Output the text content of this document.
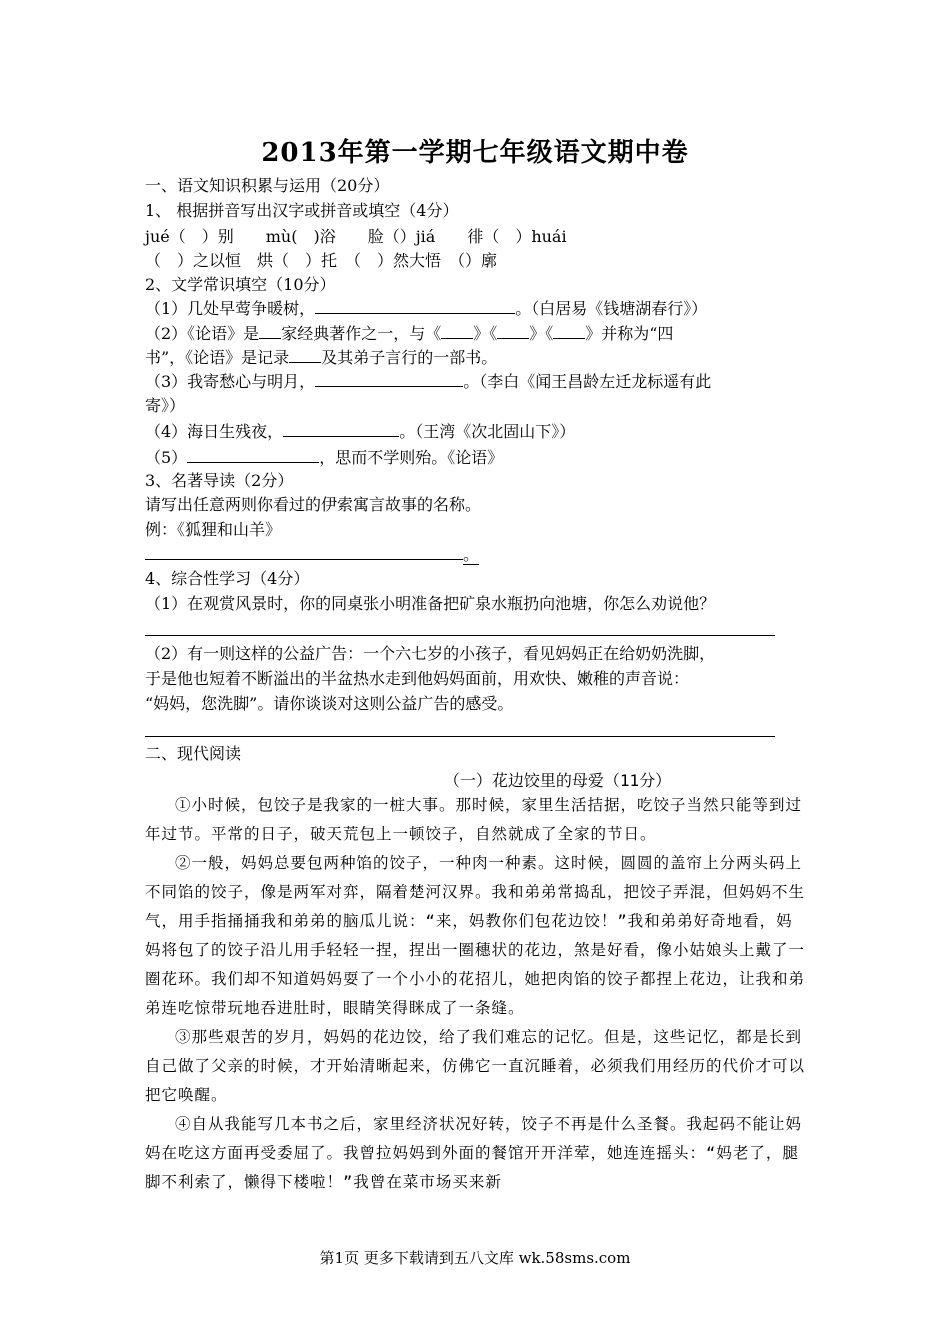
2013年第一学期七年级语文期中卷
一、语文知识积累与运用（20分）
1、 根据拼音写出汉字或拼音或填空（4分）
jué（　）别　　mù(　)浴　　脸（）jiá　　徘（　）huái
（　）之以恒　烘（　）托　（　）然大悟　（）廓
2、文学常识填空（10分）
（1）几处早莺争暖树，	。（白居易《钱塘湖春行》）
（2）《论语》是 家经典著作之一，与《 》《 》《 》并称为“四
书”，《论语》是记录 及其弟子言行的一部书。
（3）我寄愁心与明月，	。（李白《闻王昌龄左迁龙标遥有此
寄》）
（4）海日生残夜，	。（王湾《次北固山下》）
（5）	，思而不学则殆。《论语》
3、名著导读（2分）
请写出任意两则你看过的伊索寓言故事的名称。
例：《狐狸和山羊》
。
4、综合性学习（4分）
（1）在观赏风景时，你的同桌张小明准备把矿泉水瓶扔向池塘，你怎么劝说他？
（2）有一则这样的公益广告：一个六七岁的小孩子，看见妈妈正在给奶奶洗脚，
于是他也短着不断溢出的半盆热水走到他妈妈面前，用欢快、嫩稚的声音说：
“妈妈，您洗脚”。请你谈谈对这则公益广告的感受。
二、现代阅读
（一）花边饺里的母爱（11分）

①小时候，包饺子是我家的一桩大事。那时候，家里生活拮据，吃饺子当然只能等到过年过节。平常的日子，破天荒包上一顿饺子，自然就成了全家的节日。

②一般，妈妈总要包两种馅的饺子，一种肉一种素。这时候，圆圆的盖帘上分两头码上不同馅的饺子，像是两军对弈，隔着楚河汉界。我和弟弟常捣乱，把饺子弄混，但妈妈不生气，用手指捅捅我和弟弟的脑瓜儿说：“来，妈教你们包花边饺！”我和弟弟好奇地看，妈妈将包了的饺子沿儿用手轻轻一捏，捏出一圈穗状的花边，煞是好看，像小姑娘头上戴了一圈花环。我们却不知道妈妈耍了一个小小的花招儿，她把肉馅的饺子都捏上花边，让我和弟弟连吃惊带玩地吞进肚时，眼睛笑得眯成了一条缝。

③那些艰苦的岁月，妈妈的花边饺，给了我们难忘的记忆。但是，这些记忆，都是长到自己做了父亲的时候，才开始清晰起来，仿佛它一直沉睡着，必须我们用经历的代价才可以把它唤醒。

④自从我能写几本书之后，家里经济状况好转，饺子不再是什么圣餐。我起码不能让妈妈在吃这方面再受委屈了。我曾拉妈妈到外面的餐馆开开洋荤，她连连摇头：“妈老了，腿脚不利索了，懒得下楼啦！”我曾在菜市场买来新

第1页 更多下载请到五八文库 wk.58sms.com
